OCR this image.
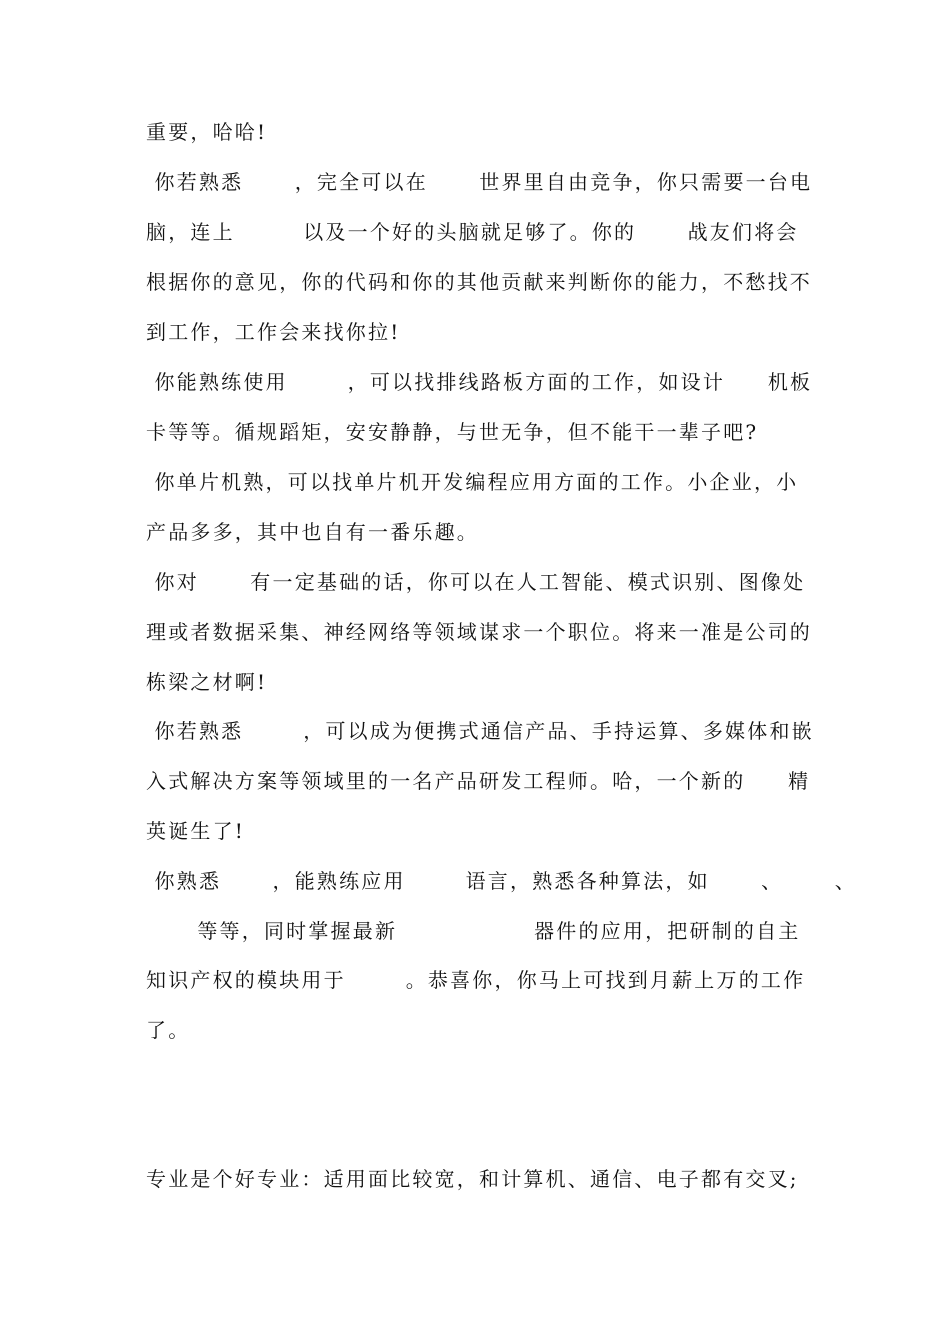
重要，哈哈!
你若熟悉      ，完全可以在      世界里自由竞争，你只需要一台电
脑，连上        以及一个好的头脑就足够了。你的      战友们将会
根据你的意见，你的代码和你的其他贡献来判断你的能力，不愁找不
到工作，工作会来找你拉!
你能熟练使用       ，可以找排线路板方面的工作，如设计     机板
卡等等。循规蹈矩，安安静静，与世无争，但不能干一辈子吧?
你单片机熟，可以找单片机开发编程应用方面的工作。小企业，小
产品多多，其中也自有一番乐趣。
你对      有一定基础的话，你可以在人工智能、模式识别、图像处
理或者数据采集、神经网络等领域谋求一个职位。将来一准是公司的
栋梁之材啊!
你若熟悉       ，可以成为便携式通信产品、手持运算、多媒体和嵌
入式解决方案等领域里的一名产品研发工程师。哈，一个新的     精
英诞生了!
你熟悉      ，能熟练应用       语言，熟悉各种算法，如      、      、
等等，同时掌握最新                器件的应用，把研制的自主
知识产权的模块用于       。恭喜你，你马上可找到月薪上万的工作
了。
专业是个好专业：适用面比较宽，和计算机、通信、电子都有交叉;
